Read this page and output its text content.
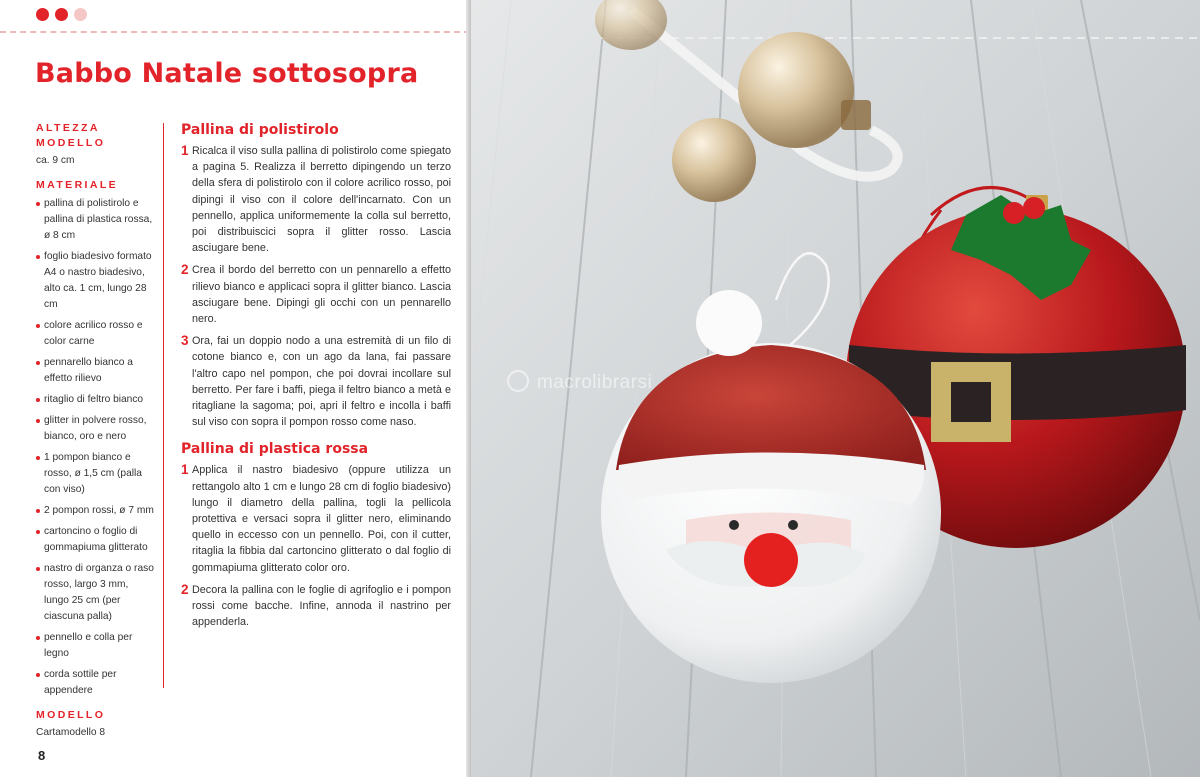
Babbo Natale sottosopra
ALTEZZA MODELLO
ca. 9 cm
MATERIALE
pallina di polistirolo e pallina di plastica rossa, ø 8 cm
foglio biadesivo formato A4 o nastro biadesivo, alto ca. 1 cm, lungo 28 cm
colore acrilico rosso e color carne
pennarello bianco a effetto rilievo
ritaglio di feltro bianco
glitter in polvere rosso, bianco, oro e nero
1 pompon bianco e rosso, ø 1,5 cm (palla con viso)
2 pompon rossi, ø 7 mm
cartoncino o foglio di gommapiuma glitterato
nastro di organza o raso rosso, largo 3 mm, lungo 25 cm (per ciascuna palla)
pennello e colla per legno
corda sottile per appendere
MODELLO
Cartamodello 8
Pallina di polistirolo
1 Ricalca il viso sulla pallina di polistirolo come spiegato a pagina 5. Realizza il berretto dipingendo un terzo della sfera di polistirolo con il colore acrilico rosso, poi dipingi il viso con il colore dell'incarnato. Con un pennello, applica uniformemente la colla sul berretto, poi distribuiscici sopra il glitter rosso. Lascia asciugare bene.

2 Crea il bordo del berretto con un pennarello a effetto rilievo bianco e applicaci sopra il glitter bianco. Lascia asciugare bene. Dipingi gli occhi con un pennarello nero.

3 Ora, fai un doppio nodo a una estremità di un filo di cotone bianco e, con un ago da lana, fai passare l'altro capo nel pompon, che poi dovrai incollare sul berretto. Per fare i baffi, piega il feltro bianco a metà e ritagliane la sagoma; poi, apri il feltro e incolla i baffi sul viso con sopra il pompon rosso come naso.

Pallina di plastica rossa
1 Applica il nastro biadesivo (oppure utilizza un rettangolo alto 1 cm e lungo 28 cm di foglio biadesivo) lungo il diametro della pallina, togli la pellicola protettiva e versaci sopra il glitter nero, eliminando quello in eccesso con un pennello. Poi, con il cutter, ritaglia la fibbia dal cartoncino glitterato o dal foglio di gommapiuma glitterato color oro.

2 Decora la pallina con le foglie di agrifoglio e i pompon rossi come bacche. Infine, annoda il nastrino per appenderla.

8
macrolibrarsi
